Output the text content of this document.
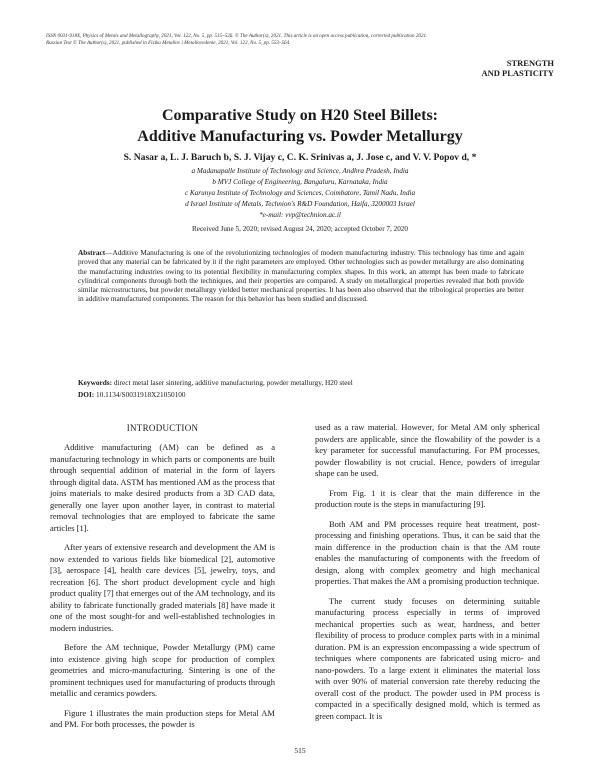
ISSN 0031-918X, Physics of Metals and Metallography, 2021, Vol. 122, No. 5, pp. 515–526. © The Author(s), 2021. This article is an open access publication, corrected publication 2021.
Russian Text © The Author(s), 2021, published in Fizika Metallov i Metallovedenie, 2021, Vol. 122, No. 5, pp. 553–564.
STRENGTH
AND PLASTICITY
Comparative Study on H20 Steel Billets:
Additive Manufacturing vs. Powder Metallurgy
S. Nasar a, L. J. Baruch b, S. J. Vijay c, C. K. Srinivas a, J. Jose c, and V. V. Popov d, *
a Madanapalle Institute of Technology and Science, Andhra Pradesh, India
b MVJ College of Engineering, Bangaluru, Karnataka, India
c Karunya Institute of Technology and Sciences, Coimbatore, Tamil Nadu, India
d Israel Institute of Metals, Technion's R&D Foundation, Haifa, 3200003 Israel
*e-mail: vvp@technion.ac.il
Received June 5, 2020; revised August 24, 2020; accepted October 7, 2020
Abstract—Additive Manufacturing is one of the revolutionizing technologies of modern manufacturing industry. This technology has time and again proved that any material can be fabricated by it if the right parameters are employed. Other technologies such as powder metallurgy are also dominating the manufacturing industries owing to its potential flexibility in manufacturing complex shapes. In this work, an attempt has been made to fabricate cylindrical components through both the techniques, and their properties are compared. A study on metallurgical properties revealed that both provide similar microstructures, but powder metallurgy yielded better mechanical properties. It has been also observed that the tribological properties are better in additive manufactured components. The reason for this behavior has been studied and discussed.
Keywords: direct metal laser sintering, additive manufacturing, powder metallurgy, H20 steel
DOI: 10.1134/S0031918X21050100
INTRODUCTION

Additive manufacturing (AM) can be defined as a manufacturing technology in which parts or components are built through sequential addition of material in the form of layers through digital data. ASTM has mentioned AM as the process that joins materials to make desired products from a 3D CAD data, generally one layer upon another layer, in contrast to material removal technologies that are employed to fabricate the same articles [1].

After years of extensive research and development the AM is now extended to various fields like biomedical [2], automotive [3], aerospace [4], health care devices [5], jewelry, toys, and recreation [6]. The short product development cycle and high product quality [7] that emerges out of the AM technology, and its ability to fabricate functionally graded materials [8] have made it one of the most sought-for and well-established technologies in modern industries.

Before the AM technique, Powder Metallurgy (PM) came into existence giving high scope for production of complex geometries and micro-manufacturing. Sintering is one of the prominent techniques used for manufacturing of products through metallic and ceramics powders.

Figure 1 illustrates the main production steps for Metal AM and PM. For both processes, the powder is

used as a raw material. However, for Metal AM only spherical powders are applicable, since the flowability of the powder is a key parameter for successful manufacturing. For PM processes, powder flowability is not crucial. Hence, powders of irregular shape can be used.

From Fig. 1 it is clear that the main difference in the production route is the steps in manufacturing [9].

Both AM and PM processes require heat treatment, post-processing and finishing operations. Thus, it can be said that the main difference in the production chain is that the AM route enables the manufacturing of components with the freedom of design, along with complex geometry and high mechanical properties. That makes the AM a promising production technique.

The current study focuses on determining suitable manufacturing process especially in terms of improved mechanical properties such as wear, hardness, and better flexibility of process to produce complex parts with in a minimal duration. PM is an expression encompassing a wide spectrum of techniques where components are fabricated using micro- and nano-powders. To a large extent it eliminates the material loss with over 90% of material conversion rate thereby reducing the overall cost of the product. The powder used in PM process is compacted in a specifically designed mold, which is termed as green compact. It is

515
